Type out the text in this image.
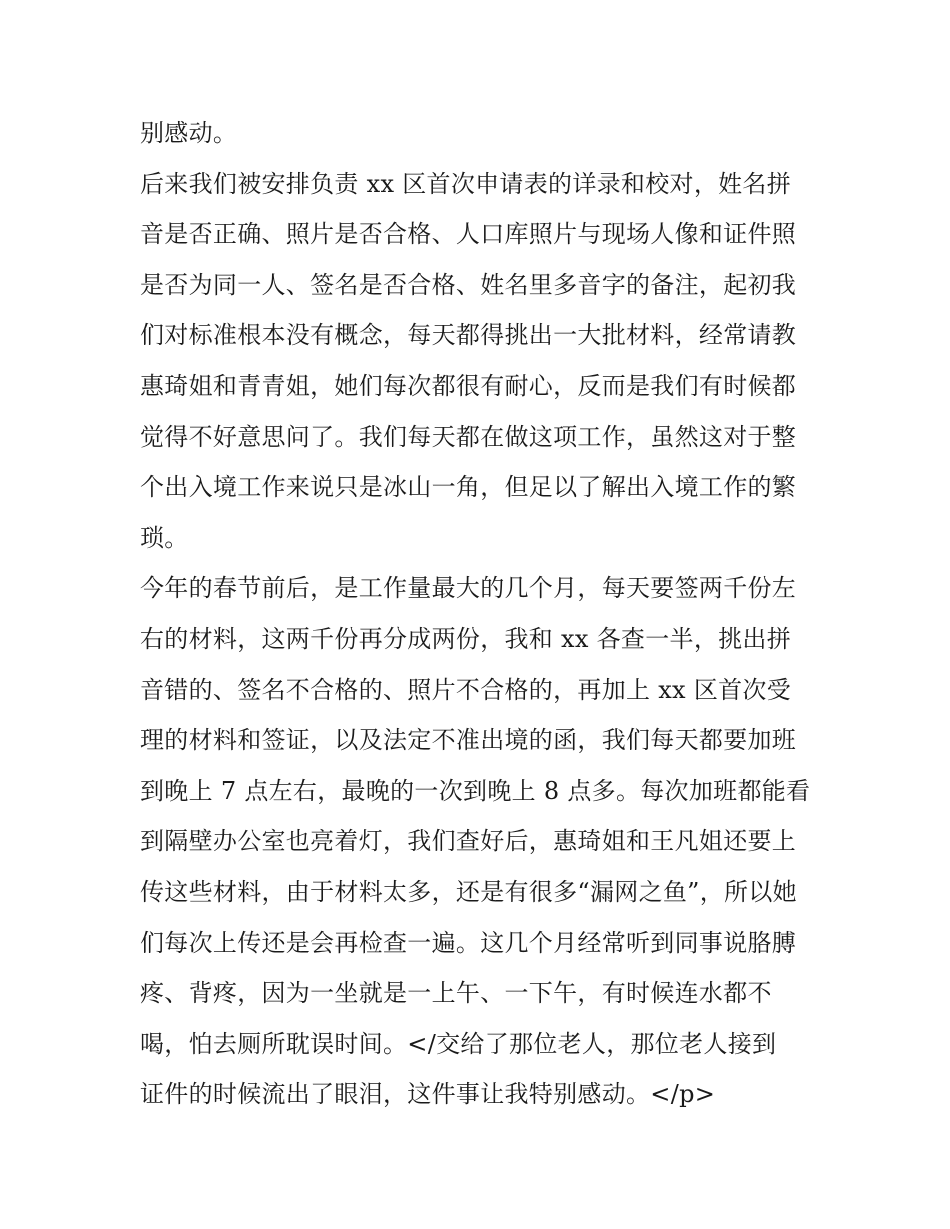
别感动。
后来我们被安排负责 xx 区首次申请表的详录和校对，姓名拼
音是否正确、照片是否合格、人口库照片与现场人像和证件照
是否为同一人、签名是否合格、姓名里多音字的备注，起初我
们对标准根本没有概念，每天都得挑出一大批材料，经常请教
惠琦姐和青青姐，她们每次都很有耐心，反而是我们有时候都
觉得不好意思问了。我们每天都在做这项工作，虽然这对于整
个出入境工作来说只是冰山一角，但足以了解出入境工作的繁
琐。
今年的春节前后，是工作量最大的几个月，每天要签两千份左
右的材料，这两千份再分成两份，我和 xx 各查一半，挑出拼
音错的、签名不合格的、照片不合格的，再加上 xx 区首次受
理的材料和签证，以及法定不准出境的函，我们每天都要加班
到晚上 7 点左右，最晚的一次到晚上 8 点多。每次加班都能看
到隔壁办公室也亮着灯，我们查好后，惠琦姐和王凡姐还要上
传这些材料，由于材料太多，还是有很多“漏网之鱼”，所以她
们每次上传还是会再检查一遍。这几个月经常听到同事说胳膊
疼、背疼，因为一坐就是一上午、一下午，有时候连水都不
喝，怕去厕所耽误时间。</交给了那位老人，那位老人接到
证件的时候流出了眼泪，这件事让我特别感动。</p>
